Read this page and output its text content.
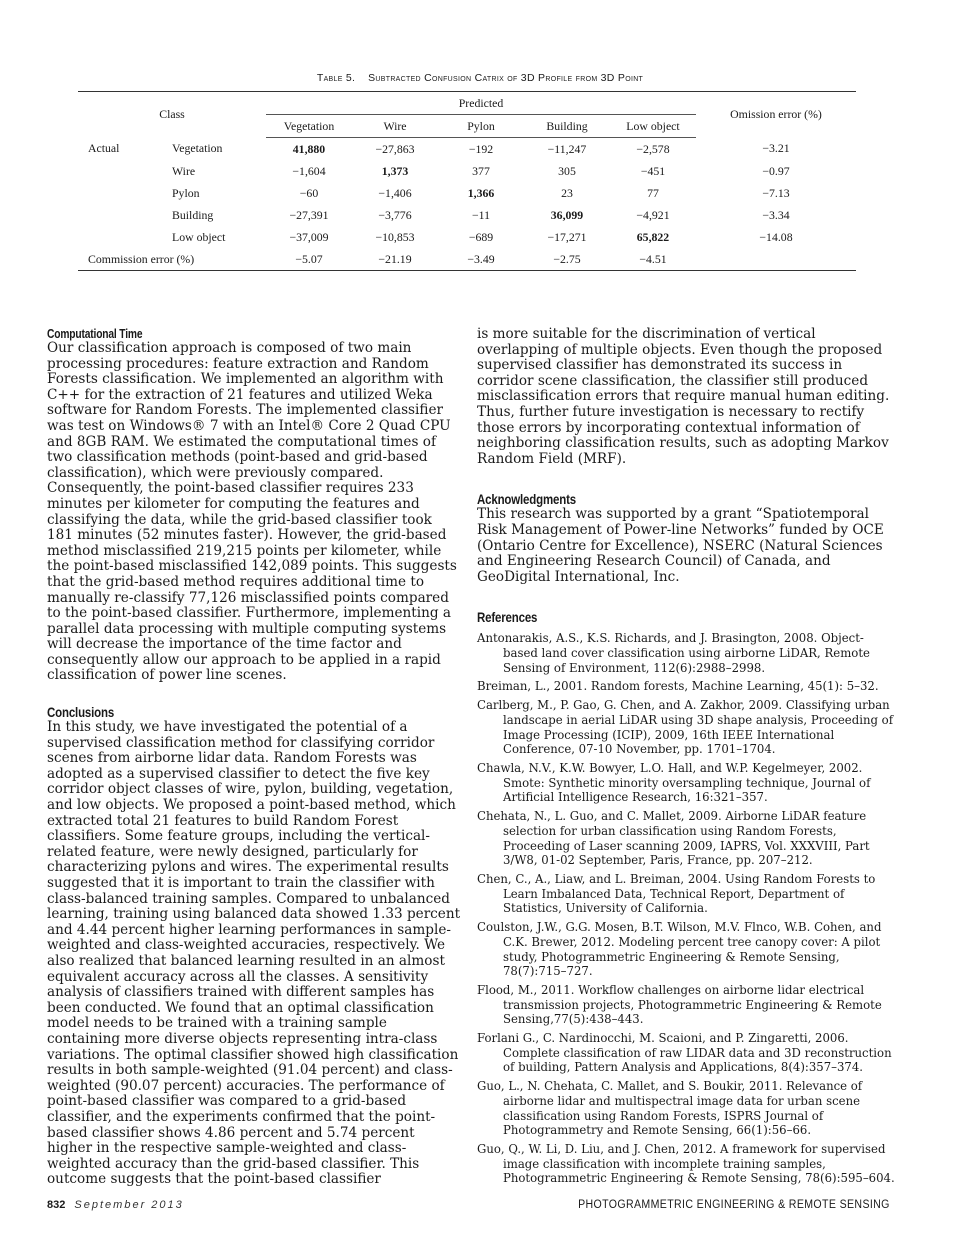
Table 5. Subtracted Confusion Catrix of 3D Profile from 3D Point
Class		Predicted					Omission error (%)
		Vegetation	Wire	Pylon	Building	Low object	
Actual	Vegetation	41,880	−27,863	−192	−11,247	−2,578	−3.21
	Wire	−1,604	1,373	377	305	−451	−0.97
	Pylon	−60	−1,406	1,366	23	77	−7.13
	Building	−27,391	−3,776	−11	36,099	−4,921	−3.34
	Low object	−37,009	−10,853	−689	−17,271	65,822	−14.08
Commission error (%)		−5.07	−21.19	−3.49	−2.75	−4.51	
Computational Time

Our classification approach is composed of two main processing procedures: feature extraction and Random Forests classification. We implemented an algorithm with C++ for the extraction of 21 features and utilized Weka software for Random Forests. The implemented classifier was test on Windows® 7 with an Intel® Core 2 Quad CPU and 8GB RAM. We estimated the computational times of two classification methods (point-based and grid-based classification), which were previously compared. Consequently, the point-based classifier requires 233 minutes per kilometer for computing the features and classifying the data, while the grid-based classifier took 181 minutes (52 minutes faster). However, the grid-based method misclassified 219,215 points per kilometer, while the point-based misclassified 142,089 points. This suggests that the grid-based method requires additional time to manually re-classify 77,126 misclassified points compared to the point-based classifier. Furthermore, implementing a parallel data processing with multiple computing systems will decrease the importance of the time factor and consequently allow our approach to be applied in a rapid classification of power line scenes.

Conclusions

In this study, we have investigated the potential of a supervised classification method for classifying corridor scenes from airborne lidar data. Random Forests was adopted as a supervised classifier to detect the five key corridor object classes of wire, pylon, building, vegetation, and low objects. We proposed a point-based method, which extracted total 21 features to build Random Forest classifiers. Some feature groups, including the vertical-related feature, were newly designed, particularly for characterizing pylons and wires. The experimental results suggested that it is important to train the classifier with class-balanced training samples. Compared to unbalanced learning, training using balanced data showed 1.33 percent and 4.44 percent higher learning performances in sample-weighted and class-weighted accuracies, respectively. We also realized that balanced learning resulted in an almost equivalent accuracy across all the classes. A sensitivity analysis of classifiers trained with different samples has been conducted. We found that an optimal classification model needs to be trained with a training sample containing more diverse objects representing intra-class variations. The optimal classifier showed high classification results in both sample-weighted (91.04 percent) and class-weighted (90.07 percent) accuracies. The performance of point-based classifier was compared to a grid-based classifier, and the experiments confirmed that the point-based classifier shows 4.86 percent and 5.74 percent higher in the respective sample-weighted and class-weighted accuracy than the grid-based classifier. This outcome suggests that the point-based classifier

is more suitable for the discrimination of vertical overlapping of multiple objects. Even though the proposed supervised classifier has demonstrated its success in corridor scene classification, the classifier still produced misclassification errors that require manual human editing. Thus, further future investigation is necessary to rectify those errors by incorporating contextual information of neighboring classification results, such as adopting Markov Random Field (MRF).

Acknowledgments

This research was supported by a grant “Spatiotemporal Risk Management of Power-line Networks” funded by OCE (Ontario Centre for Excellence), NSERC (Natural Sciences and Engineering Research Council) of Canada, and GeoDigital International, Inc.

References
Antonarakis, A.S., K.S. Richards, and J. Brasington, 2008. Object-based land cover classification using airborne LiDAR, Remote Sensing of Environment, 112(6):2988–2998.
Breiman, L., 2001. Random forests, Machine Learning, 45(1): 5–32.
Carlberg, M., P. Gao, G. Chen, and A. Zakhor, 2009. Classifying urban landscape in aerial LiDAR using 3D shape analysis, Proceeding of Image Processing (ICIP), 2009, 16th IEEE International Conference, 07-10 November, pp. 1701–1704.
Chawla, N.V., K.W. Bowyer, L.O. Hall, and W.P. Kegelmeyer, 2002. Smote: Synthetic minority oversampling technique, Journal of Artificial Intelligence Research, 16:321–357.
Chehata, N., L. Guo, and C. Mallet, 2009. Airborne LiDAR feature selection for urban classification using Random Forests, Proceeding of Laser scanning 2009, IAPRS, Vol. XXXVIII, Part 3/W8, 01-02 September, Paris, France, pp. 207–212.
Chen, C., A., Liaw, and L. Breiman, 2004. Using Random Forests to Learn Imbalanced Data, Technical Report, Department of Statistics, University of California.
Coulston, J.W., G.G. Mosen, B.T. Wilson, M.V. Flnco, W.B. Cohen, and C.K. Brewer, 2012. Modeling percent tree canopy cover: A pilot study, Photogrammetric Engineering & Remote Sensing, 78(7):715–727.
Flood, M., 2011. Workflow challenges on airborne lidar electrical transmission projects, Photogrammetric Engineering & Remote Sensing,77(5):438–443.
Forlani G., C. Nardinocchi, M. Scaioni, and P. Zingaretti, 2006. Complete classification of raw LIDAR data and 3D reconstruction of building, Pattern Analysis and Applications, 8(4):357–374.
Guo, L., N. Chehata, C. Mallet, and S. Boukir, 2011. Relevance of airborne lidar and multispectral image data for urban scene classification using Random Forests, ISPRS Journal of Photogrammetry and Remote Sensing, 66(1):56–66.
Guo, Q., W. Li, D. Liu, and J. Chen, 2012. A framework for supervised image classification with incomplete training samples, Photogrammetric Engineering & Remote Sensing, 78(6):595–604.
832 September 2013	PHOTOGRAMMETRIC ENGINEERING & REMOTE SENSING
